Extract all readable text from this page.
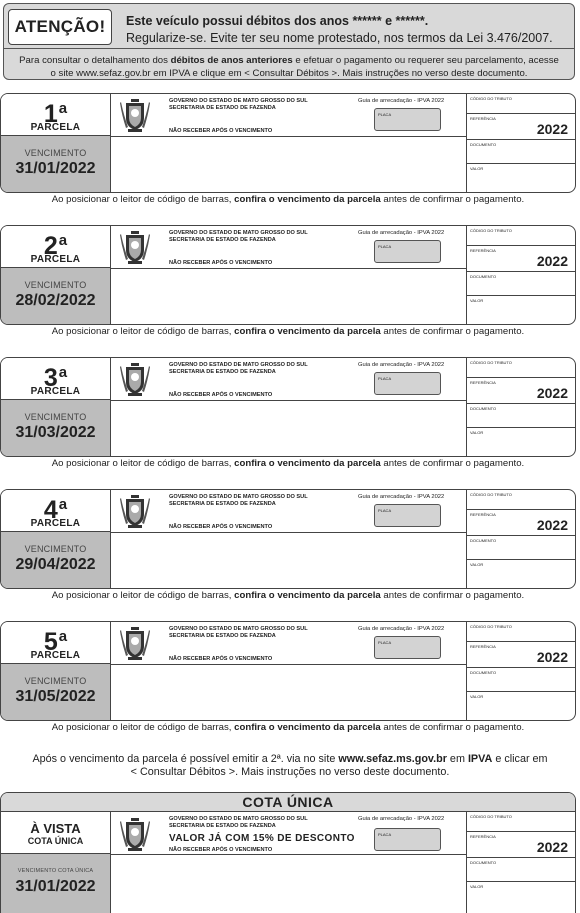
ATENÇÃO!	Este veículo possui débitos dos anos ****** e ******.
Regularize-se. Evite ter seu nome protestado, nos termos da Lei 3.476/2007.
Para consultar o detalhamento dos débitos de anos anteriores e efetuar o pagamento ou requerer seu parcelamento, acesse
o site www.sefaz.gov.br em IPVA e clique em < Consultar Débitos >. Mais instruções no verso deste documento.
1$^a$
PARCELA
VENCIMENTO
31/01/2022
GOVERNO DO ESTADO DE MATO GROSSO DO SUL
SECRETARIA DE ESTADO DE FAZENDA
NÃO RECEBER APÓS O VENCIMENTO
Guia de arrecadação - IPVA 2022
PLACA
CÓDIGO DO TRIBUTO
REFERÊNCIA
2022
DOCUMENTO
VALOR
Ao posicionar o leitor de código de barras, confira o vencimento da parcela antes de confirmar o pagamento.
2$^a$
PARCELA
VENCIMENTO
28/02/2022
GOVERNO DO ESTADO DE MATO GROSSO DO SUL
SECRETARIA DE ESTADO DE FAZENDA
NÃO RECEBER APÓS O VENCIMENTO
Guia de arrecadação - IPVA 2022
PLACA
CÓDIGO DO TRIBUTO
REFERÊNCIA
2022
DOCUMENTO
VALOR
Ao posicionar o leitor de código de barras, confira o vencimento da parcela antes de confirmar o pagamento.
3$^a$
PARCELA
VENCIMENTO
31/03/2022
GOVERNO DO ESTADO DE MATO GROSSO DO SUL
SECRETARIA DE ESTADO DE FAZENDA
NÃO RECEBER APÓS O VENCIMENTO
Guia de arrecadação - IPVA 2022
PLACA
CÓDIGO DO TRIBUTO
REFERÊNCIA
2022
DOCUMENTO
VALOR
Ao posicionar o leitor de código de barras, confira o vencimento da parcela antes de confirmar o pagamento.
4$^a$
PARCELA
VENCIMENTO
29/04/2022
GOVERNO DO ESTADO DE MATO GROSSO DO SUL
SECRETARIA DE ESTADO DE FAZENDA
NÃO RECEBER APÓS O VENCIMENTO
Guia de arrecadação - IPVA 2022
PLACA
CÓDIGO DO TRIBUTO
REFERÊNCIA
2022
DOCUMENTO
VALOR
Ao posicionar o leitor de código de barras, confira o vencimento da parcela antes de confirmar o pagamento.
5$^a$
PARCELA
VENCIMENTO
31/05/2022
GOVERNO DO ESTADO DE MATO GROSSO DO SUL
SECRETARIA DE ESTADO DE FAZENDA
NÃO RECEBER APÓS O VENCIMENTO
Guia de arrecadação - IPVA 2022
PLACA
CÓDIGO DO TRIBUTO
REFERÊNCIA
2022
DOCUMENTO
VALOR
Ao posicionar o leitor de código de barras, confira o vencimento da parcela antes de confirmar o pagamento.
Após o vencimento da parcela é possível emitir a 2ª. via no site www.sefaz.ms.gov.br em IPVA e clicar em
< Consultar Débitos >. Mais instruções no verso deste documento.
COTA ÚNICA
À VISTA
COTA ÚNICA
VENCIMENTO COTA ÚNICA
31/01/2022
GOVERNO DO ESTADO DE MATO GROSSO DO SUL
SECRETARIA DE ESTADO DE FAZENDA
VALOR JÁ COM 15% DE DESCONTO
NÃO RECEBER APÓS O VENCIMENTO
Guia de arrecadação - IPVA 2022
PLACA
CÓDIGO DO TRIBUTO
REFERÊNCIA
2022
DOCUMENTO
VALOR
